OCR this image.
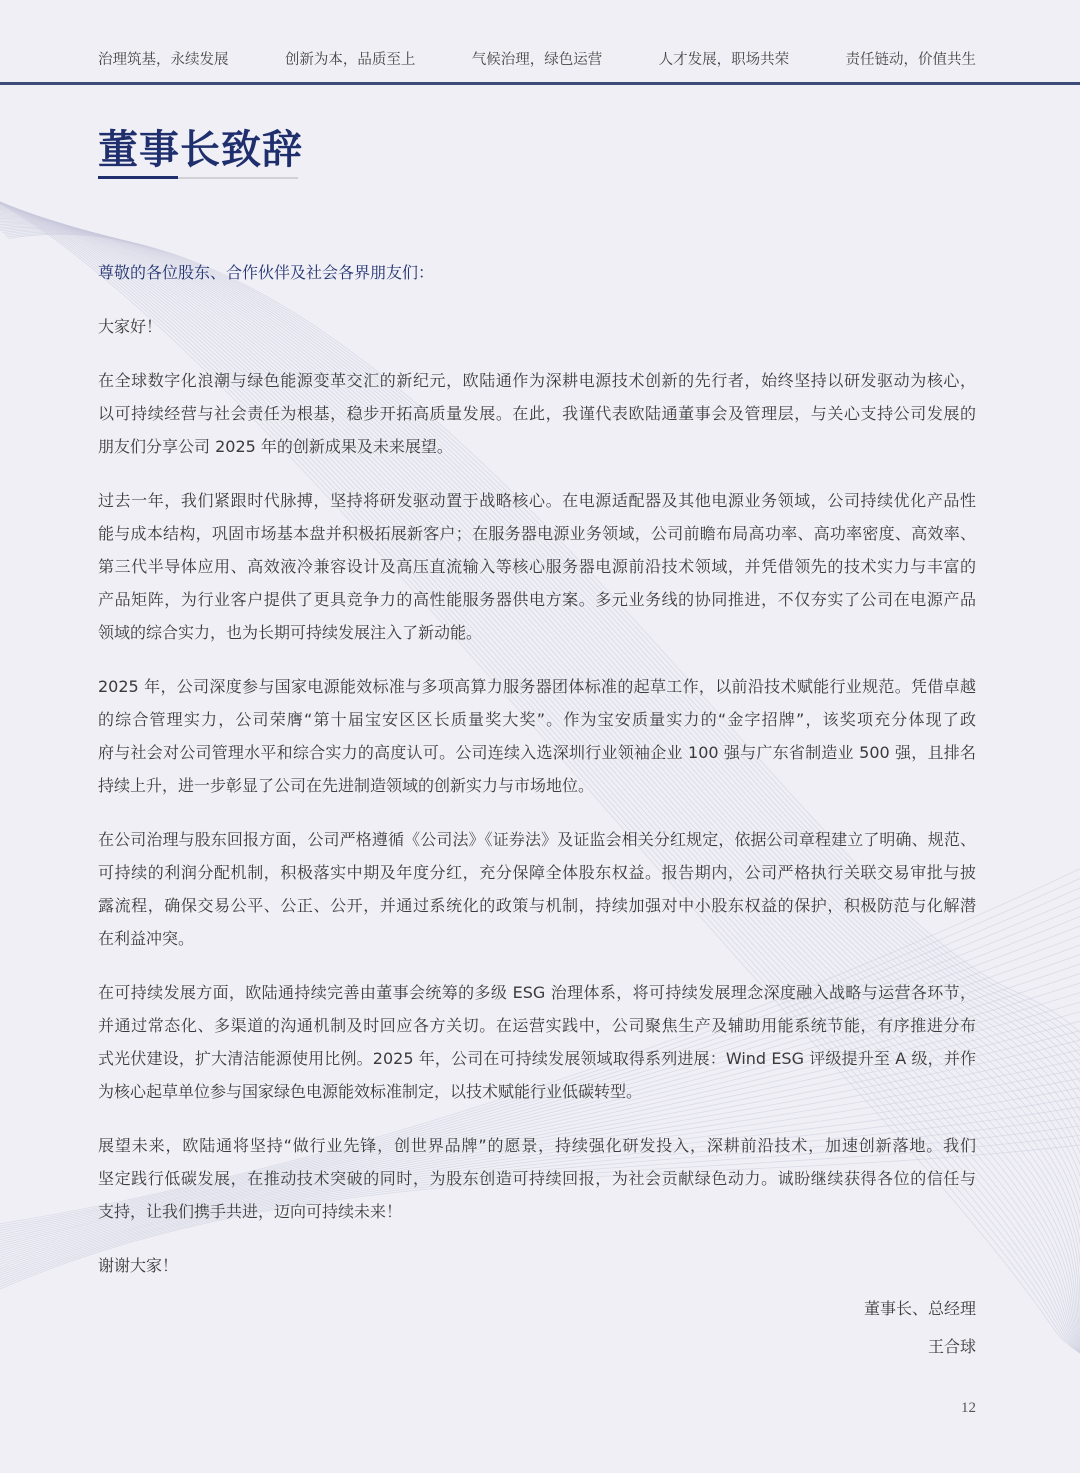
治理筑基，永续发展	创新为本，品质至上	气候治理，绿色运营	人才发展，职场共荣	责任链动，价值共生
董事长致辞
尊敬的各位股东、合作伙伴及社会各界朋友们：
大家好！
在全球数字化浪潮与绿色能源变革交汇的新纪元，欧陆通作为深耕电源技术创新的先行者，始终坚持以研发驱动为核心，
以可持续经营与社会责任为根基，稳步开拓高质量发展。在此，我谨代表欧陆通董事会及管理层，与关心支持公司发展的
朋友们分享公司 2025 年的创新成果及未来展望。
过去一年，我们紧跟时代脉搏，坚持将研发驱动置于战略核心。在电源适配器及其他电源业务领域，公司持续优化产品性
能与成本结构，巩固市场基本盘并积极拓展新客户；在服务器电源业务领域，公司前瞻布局高功率、高功率密度、高效率、
第三代半导体应用、高效液冷兼容设计及高压直流输入等核心服务器电源前沿技术领域，并凭借领先的技术实力与丰富的
产品矩阵，为行业客户提供了更具竞争力的高性能服务器供电方案。多元业务线的协同推进，不仅夯实了公司在电源产品
领域的综合实力，也为长期可持续发展注入了新动能。
2025 年，公司深度参与国家电源能效标准与多项高算力服务器团体标准的起草工作，以前沿技术赋能行业规范。凭借卓越
的综合管理实力，公司荣膺“第十届宝安区区长质量奖大奖”。作为宝安质量实力的“金字招牌”，该奖项充分体现了政
府与社会对公司管理水平和综合实力的高度认可。公司连续入选深圳行业领袖企业 100 强与广东省制造业 500 强，且排名
持续上升，进一步彰显了公司在先进制造领域的创新实力与市场地位。
在公司治理与股东回报方面，公司严格遵循《公司法》《证券法》及证监会相关分红规定，依据公司章程建立了明确、规范、
可持续的利润分配机制，积极落实中期及年度分红，充分保障全体股东权益。报告期内，公司严格执行关联交易审批与披
露流程，确保交易公平、公正、公开，并通过系统化的政策与机制，持续加强对中小股东权益的保护，积极防范与化解潜
在利益冲突。
在可持续发展方面，欧陆通持续完善由董事会统筹的多级 ESG 治理体系，将可持续发展理念深度融入战略与运营各环节，
并通过常态化、多渠道的沟通机制及时回应各方关切。在运营实践中，公司聚焦生产及辅助用能系统节能，有序推进分布
式光伏建设，扩大清洁能源使用比例。2025 年，公司在可持续发展领域取得系列进展：Wind ESG 评级提升至 A 级，并作
为核心起草单位参与国家绿色电源能效标准制定，以技术赋能行业低碳转型。
展望未来，欧陆通将坚持“做行业先锋，创世界品牌”的愿景，持续强化研发投入，深耕前沿技术，加速创新落地。我们
坚定践行低碳发展，在推动技术突破的同时，为股东创造可持续回报，为社会贡献绿色动力。诚盼继续获得各位的信任与
支持，让我们携手共进，迈向可持续未来！
谢谢大家！
董事长、总经理
王合球
12
